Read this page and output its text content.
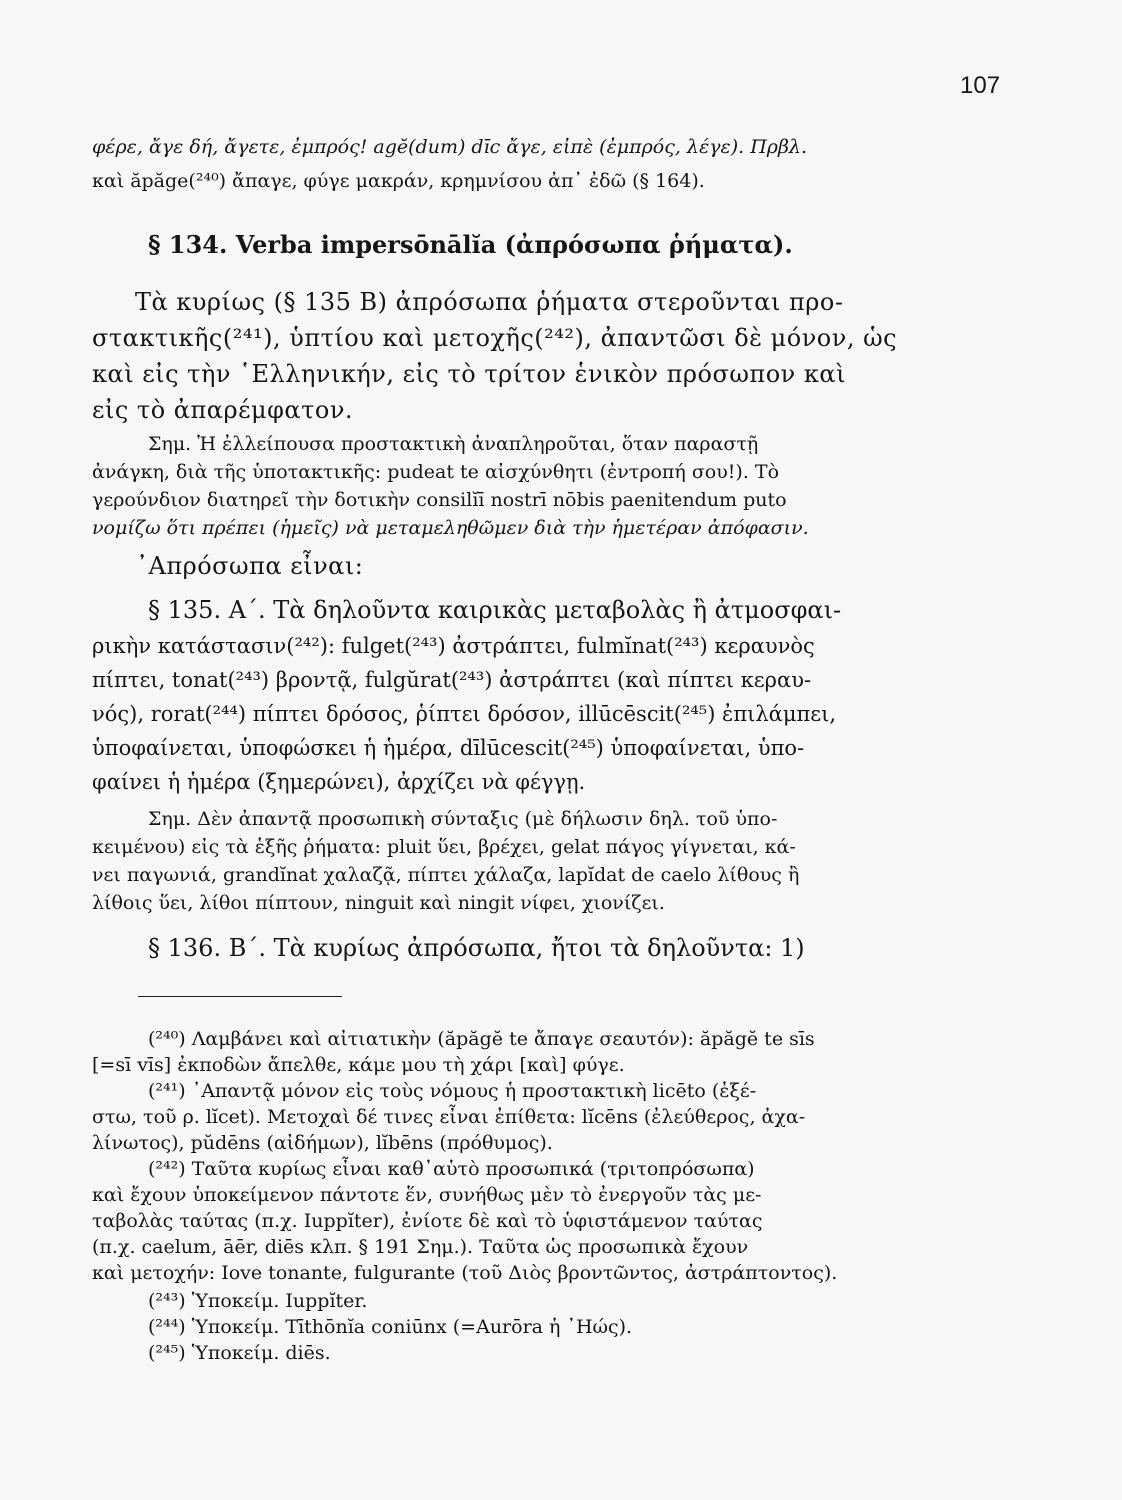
107
φέρε, ἄγε δή, ἄγετε, ἐμπρός! agĕ(dum) dīc ἄγε, εἰπὲ (ἐμπρός, λέγε). Πρβλ.
καὶ ăpăge(²⁴⁰) ἄπαγε, φύγε μακράν, κρημνίσου ἀπ᾽ ἐδῶ (§ 164).
§ 134. Verba impersōnālĭa (ἀπρόσωπα ῥήματα).
Τὰ κυρίως (§ 135 Β) ἀπρόσωπα ῥήματα στεροῦνται προ-
στακτικῆς(²⁴¹), ὑπτίου καὶ μετοχῆς(²⁴²), ἀπαντῶσι δὲ μόνον, ὡς
καὶ εἰς τὴν ῾Ελληνικήν, εἰς τὸ τρίτον ἑνικὸν πρόσωπον καὶ
εἰς τὸ ἀπαρέμφατον.
Σημ. Ἡ ἐλλείπουσα προστακτικὴ ἀναπληροῦται, ὅταν παραστῇ
ἀνάγκη, διὰ τῆς ὑποτακτικῆς: pudeat te αἰσχύνθητι (ἐντροπή σου!). Τὸ
γερούνδιον διατηρεῖ τὴν δοτικὴν consilĭī nostrī nōbis paenitendum puto
νομίζω ὅτι πρέπει (ἡμεῖς) νὰ μεταμεληθῶμεν διὰ τὴν ἡμετέραν ἀπόφασιν.
᾿Απρόσωπα εἶναι:
§ 135. Α΄. Τὰ δηλοῦντα καιρικὰς μεταβολὰς ἢ ἀτμοσφαι-
ρικὴν κατάστασιν(²⁴²): fulget(²⁴³) ἀστράπτει, fulmĭnat(²⁴³) κεραυνὸς
πίπτει, tonat(²⁴³) βροντᾷ, fulgŭrat(²⁴³) ἀστράπτει (καὶ πίπτει κεραυ-
νός), rorat(²⁴⁴) πίπτει δρόσος, ῥίπτει δρόσον, illūcēscit(²⁴⁵) ἐπιλάμπει,
ὑποφαίνεται, ὑποφώσκει ἡ ἡμέρα, dīlūcescit(²⁴⁵) ὑποφαίνεται, ὑπο-
φαίνει ἡ ἡμέρα (ξημερώνει), ἀρχίζει νὰ φέγγῃ.
Σημ. Δὲν ἀπαντᾷ προσωπικὴ σύνταξις (μὲ δήλωσιν δηλ. τοῦ ὑπο-
κειμένου) εἰς τὰ ἑξῆς ῥήματα: pluit ὕει, βρέχει, gelat πάγος γίγνεται, κά-
νει παγωνιά, grandĭnat χαλαζᾷ, πίπτει χάλαζα, lapĭdat de caelo λίθους ἢ
λίθοις ὕει, λίθοι πίπτουν, ninguit καὶ ningit νίφει, χιονίζει.
§ 136. Β΄. Τὰ κυρίως ἀπρόσωπα, ἤτοι τὰ δηλοῦντα: 1)
(²⁴⁰) Λαμβάνει καὶ αἰτιατικὴν (ăpăgĕ te ἄπαγε σεαυτόν): ăpăgĕ te sīs
[=sī vīs] ἐκποδὼν ἄπελθε, κάμε μου τὴ χάρι [καὶ] φύγε.
(²⁴¹) ᾿Απαντᾷ μόνον εἰς τοὺς νόμους ἡ προστακτικὴ licēto (ἐξέ-
στω, τοῦ ρ. lĭcet). Μετοχαὶ δέ τινες εἶναι ἐπίθετα: lĭcēns (ἐλεύθερος, ἀχα-
λίνωτος), pŭdēns (αἰδήμων), lĭbēns (πρόθυμος).
(²⁴²) Ταῦτα κυρίως εἶναι καθ᾽αὑτὸ προσωπικά (τριτοπρόσωπα)
καὶ ἔχουν ὑποκείμενον πάντοτε ἕν, συνήθως μὲν τὸ ἐνεργοῦν τὰς με-
ταβολὰς ταύτας (π.χ. Iuppĭter), ἐνίοτε δὲ καὶ τὸ ὑφιστάμενον ταύτας
(π.χ. caelum, āēr, diēs κλπ. § 191 Σημ.). Ταῦτα ὡς προσωπικὰ ἔχουν
καὶ μετοχήν: Iove tonante, fulgurante (τοῦ Διὸς βροντῶντος, ἀστράπτοντος).
(²⁴³) Ὑποκείμ. Iuppĭter.
(²⁴⁴) Ὑποκείμ. Tīthōnĭa coniūnx (=Aurōra ἡ ᾿Ηώς).
(²⁴⁵) Ὑποκείμ. diēs.
